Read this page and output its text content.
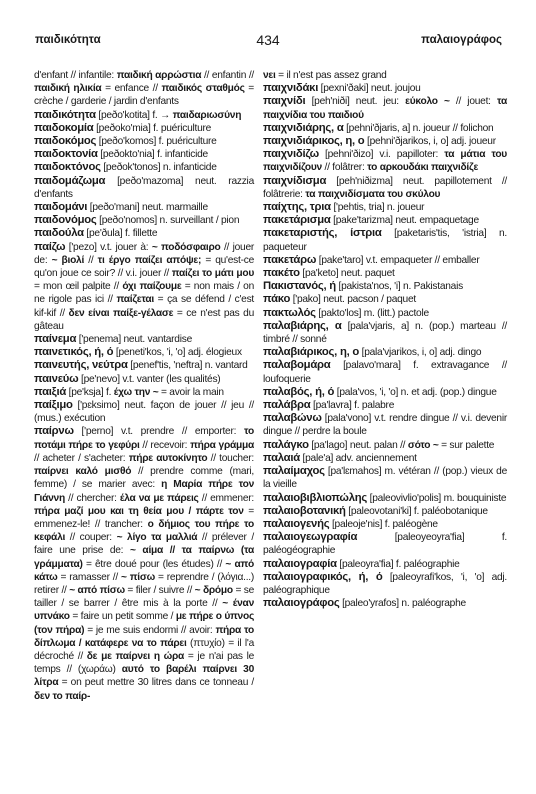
παιδικότητα	434	παλαιογράφος

d'enfant // infantile: παιδική αρρώστια // enfantin // παιδική ηλικία = enfance // παιδικός σταθμός = crèche / garderie / jardin d'enfants

παιδικότητα [peðo'kotita] f. → παιδαριωσύνη

παιδοκομία [peðoko'mia] f. puériculture

παιδοκόμος [peðo'komos] f. puériculture

παιδοκτονία [peðokto'nia] f. infanticide

παιδοκτόνος [peðok'tonos] n. infanticide

παιδομάζωμα [peðo'mazoma] neut. razzia d'enfants

παιδομάνι [peðo'mani] neut. marmaille

παιδονόμος [peðo'nomos] n. surveillant / pion

παιδούλα [pe'ðula] f. fillette

παίζω ['pezo] v.t. jouer à: ~ ποδόσφαιρο // jouer de: ~ βιολί // τι έργο παίζει απόψε; = qu'est-ce qu'on joue ce soir? // v.i. jouer // παίζει το μάτι μου = mon œil palpite // όχι παίζουμε = non mais / on ne rigole pas ici // παίζεται = ça se défend / c'est kif-kif // δεν είναι παίξε-γέλασε = ce n'est pas du gâteau

παίνεμα ['penema] neut. vantardise

παινετικός, ή, ό [peneti'kos, 'i, 'o] adj. élogieux

παινευτής, νεύτρα [penef'tis, 'neftra] n. vantard

παινεύω [pe'nevo] v.t. vanter (les qualités)

παιξιά [pe'ksja] f. έχω την ~ = avoir la main

παίξιμο ['pɛksimo] neut. façon de jouer // jeu // (mus.) exécution

παίρνω ['perno] v.t. prendre // emporter: το ποτάμι πήρε το γεφύρι // recevoir: πήρα γράμμα // acheter / s'acheter: πήρε αυτοκίνητο // toucher: παίρνει καλό μισθό // prendre comme (mari, femme) / se marier avec: η Μαρία πήρε τον Γιάννη // chercher: έλα να με πάρεις // emmener: πήρα μαζί μου και τη θεία μου / πάρτε τον = emmenez-le! // trancher: ο δήμιος του πήρε το κεφάλι // couper: ~ λίγο τα μαλλιά // prélever / faire une prise de: ~ αίμα // τα παίρνω (τα γράμματα) = être doué pour (les études) // ~ από κάτω = ramasser // ~ πίσω = reprendre / (λόγια...) retirer // ~ από πίσω = filer / suivre // ~ δρόμο = se tailler / se barrer / être mis à la porte // ~ έναν υπνάκο = faire un petit somme / με πήρε ο ύπνος (τον πήρα) = je me suis endormi // avoir: πήρα το δίπλωμα / κατάφερε να το πάρει (πτυχίο) = il l'a décroché // δε με παίρνει η ώρα = je n'ai pas le temps // (χωράω) αυτό το βαρέλι παίρνει 30 λίτρα = on peut mettre 30 litres dans ce tonneau / δεν το παίρ-

νει = il n'est pas assez grand

παιχνιδάκι [pexni'ðaki] neut. joujou

παιχνίδι [peh'niði] neut. jeu: εύκολο ~ // jouet: τα παιχνίδια του παιδιού

παιχνιδιάρης, α [pehni'ðjaris, a] n. joueur // folichon

παιχνιδιάρικος, η, ο [pehni'ðjarikos, i, o] adj. joueur

παιχνιδίζω [pehni'ðizo] v.i. papilloter: τα μάτια του παιχνιδίζουν // folâtrer: το αρκουδάκι παιχνιδίζε

παιχνίδισμα [peh'niðizma] neut. papillotement // folâtrerie: τα παιχνιδίσματα του σκύλου

παίχτης, τρια ['pehtis, tria] n. joueur

πακετάρισμα [pake'tarizma] neut. empaquetage

πακεταριστής, ίστρια [paketaris'tis, 'istria] n. paqueteur

πακετάρω [pake'taro] v.t. empaqueter // emballer

πακέτο [pa'keto] neut. paquet

Πακιστανός, ή [pakista'nos, 'i] n. Pakistanais

πάκο ['pako] neut. pacson / paquet

πακτωλός [pakto'los] m. (litt.) pactole

παλαβιάρης, α [pala'vjaris, a] n. (pop.) marteau // timbré // sonné

παλαβιάρικος, η, ο [pala'vjarikos, i, o] adj. dingo

παλαβομάρα [palavo'mara] f. extravagance // loufoquerie

παλαβός, ή, ό [pala'vos, 'i, 'o] n. et adj. (pop.) dingue

παλάβρα [pa'lavra] f. palabre

παλαβώνω [pala'vono] v.t. rendre dingue // v.i. devenir dingue // perdre la boule

παλάγκο [pa'lago] neut. palan // σότο ~ = sur palette

παλαιά [pale'a] adv. anciennement

παλαίμαχος [pa'lɛmahos] m. vétéran // (pop.) vieux de la vieille

παλαιοβιβλιοπώλης [paleovivlio'polis] m. bouquiniste

παλαιοβοτανική [paleovotani'ki] f. paléobotanique

παλαιογενής [paleoje'nis] f. paléogène

παλαιογεωγραφία [paleoyeoyra'fia] f. paléogéographie

παλαιογραφία [paleoyra'fia] f. paléographie

παλαιογραφικός, ή, ό [paleoyrafi'kos, 'i, 'o] adj. paléographique

παλαιογράφος [paleo'yrafos] n. paléographe
